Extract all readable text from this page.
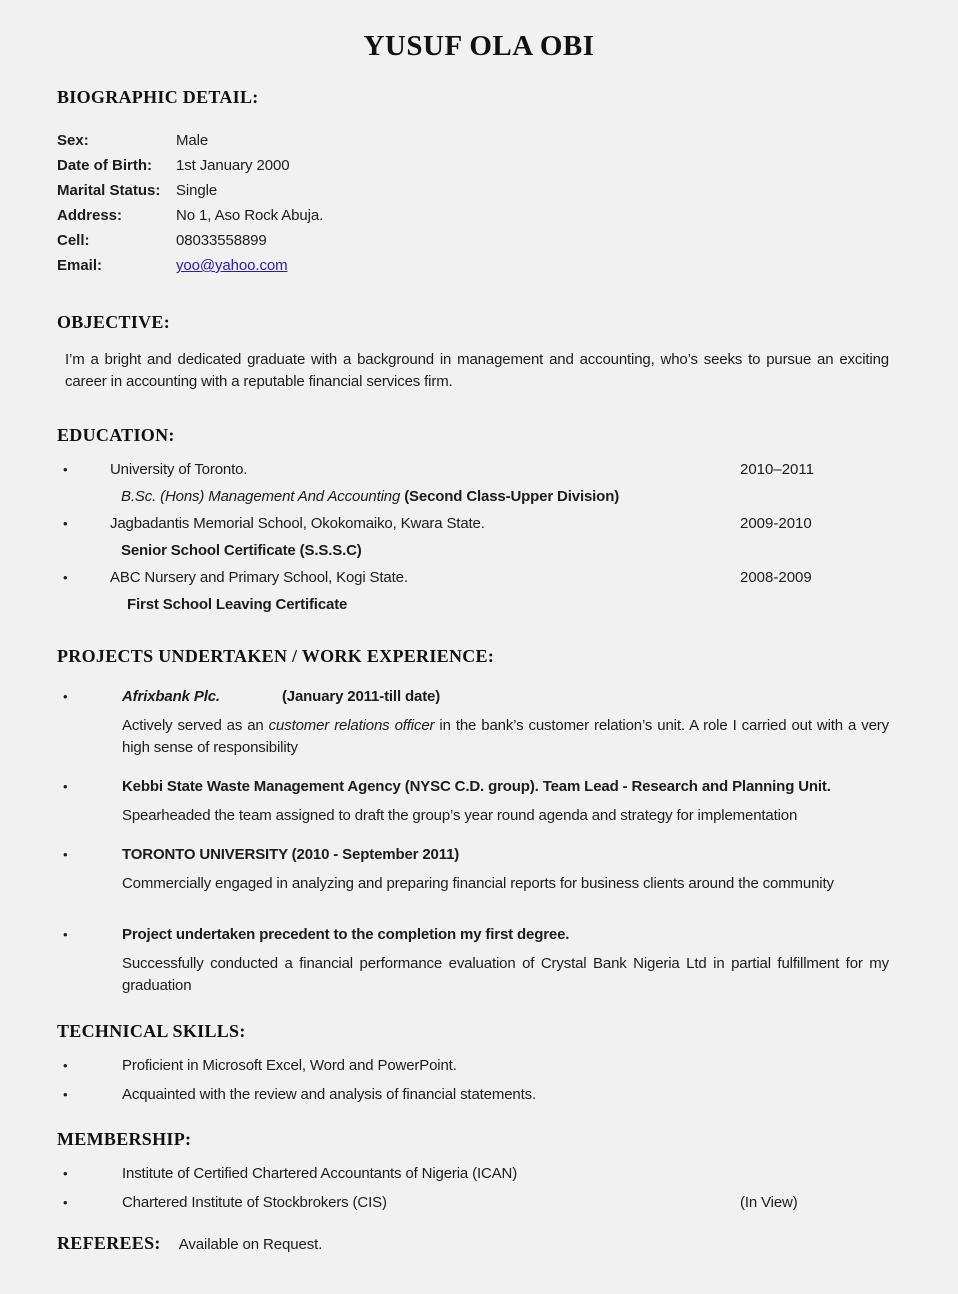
YUSUF OLA OBI
BIOGRAPHIC DETAIL:
Sex:	Male
Date of Birth:	1st January 2000
Marital Status:	Single
Address:	No 1, Aso Rock Abuja.
Cell:	08033558899
Email:	yoo@yahoo.com
OBJECTIVE:

I’m a bright and dedicated graduate with a background in management and accounting, who’s seeks to pursue an exciting career in accounting with a reputable financial services firm.

EDUCATION:
•	University of Toronto.	2010–2011
B.Sc. (Hons) Management And Accounting (Second Class-Upper Division)
•	Jagbadantis Memorial School, Okokomaiko, Kwara State.	2009-2010
Senior School Certificate (S.S.S.C)
•	ABC Nursery and Primary School, Kogi State.	2008-2009
First School Leaving Certificate
PROJECTS UNDERTAKEN / WORK EXPERIENCE:
•	Afrixbank Plc.	(January 2011-till date)

Actively served as an customer relations officer in the bank’s customer relation’s unit. A role I carried out with a very high sense of responsibility

•	Kebbi State Waste Management Agency (NYSC C.D. group). Team Lead - Research and Planning Unit.

Spearheaded the team assigned to draft the group’s year round agenda and strategy for implementation

•	TORONTO UNIVERSITY (2010 - September 2011)

Commercially engaged in analyzing and preparing financial reports for business clients around the community

•	Project undertaken precedent to the completion my first degree.

Successfully conducted a financial performance evaluation of Crystal Bank Nigeria Ltd in partial fulfillment for my graduation

TECHNICAL SKILLS:
•	Proficient in Microsoft Excel, Word and PowerPoint.
•	Acquainted with the review and analysis of financial statements.
MEMBERSHIP:
•	Institute of Certified Chartered Accountants of Nigeria (ICAN)
•	Chartered Institute of Stockbrokers (CIS)	(In View)
REFEREES: Available on Request.
